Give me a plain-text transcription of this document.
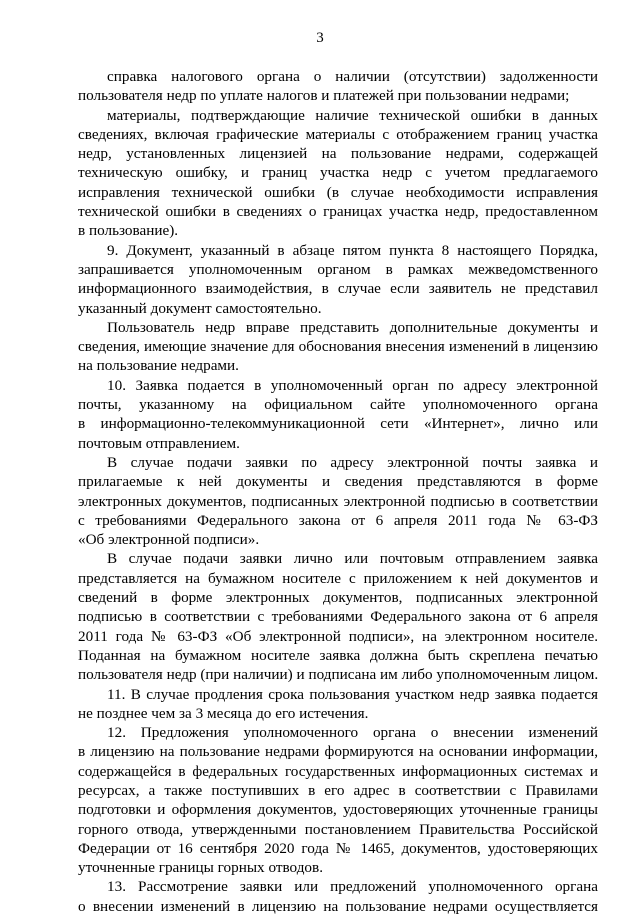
3
справка налогового органа о наличии (отсутствии) задолженности
пользователя недр по уплате налогов и платежей при пользовании недрами;
материалы, подтверждающие наличие технической ошибки в данных
сведениях, включая графические материалы с отображением границ участка
недр, установленных лицензией на пользование недрами, содержащей
техническую ошибку, и границ участка недр с учетом предлагаемого
исправления технической ошибки (в случае необходимости исправления
технической ошибки в сведениях о границах участка недр, предоставленном
в пользование).
9. Документ, указанный в абзаце пятом пункта 8 настоящего Порядка,
запрашивается уполномоченным органом в рамках межведомственного
информационного взаимодействия, в случае если заявитель не представил
указанный документ самостоятельно.
Пользователь недр вправе представить дополнительные документы и
сведения, имеющие значение для обоснования внесения изменений в лицензию
на пользование недрами.
10. Заявка подается в уполномоченный орган по адресу электронной
почты, указанному на официальном сайте уполномоченного органа
в информационно-телекоммуникационной сети «Интернет», лично или
почтовым отправлением.
В случае подачи заявки по адресу электронной почты заявка и
прилагаемые к ней документы и сведения представляются в форме
электронных документов, подписанных электронной подписью в соответствии
с требованиями Федерального закона от 6 апреля 2011 года № 63-ФЗ
«Об электронной подписи».
В случае подачи заявки лично или почтовым отправлением заявка
представляется на бумажном носителе с приложением к ней документов и
сведений в форме электронных документов, подписанных электронной
подписью в соответствии с требованиями Федерального закона от 6 апреля
2011 года № 63-ФЗ «Об электронной подписи», на электронном носителе.
Поданная на бумажном носителе заявка должна быть скреплена печатью
пользователя недр (при наличии) и подписана им либо уполномоченным лицом.
11. В случае продления срока пользования участком недр заявка подается
не позднее чем за 3 месяца до его истечения.
12. Предложения уполномоченного органа о внесении изменений
в лицензию на пользование недрами формируются на основании информации,
содержащейся в федеральных государственных информационных системах и
ресурсах, а также поступивших в его адрес в соответствии с Правилами
подготовки и оформления документов, удостоверяющих уточненные границы
горного отвода, утвержденными постановлением Правительства Российской
Федерации от 16 сентября 2020 года № 1465, документов, удостоверяющих
уточненные границы горных отводов.
13. Рассмотрение заявки или предложений уполномоченного органа
о внесении изменений в лицензию на пользование недрами осуществляется
